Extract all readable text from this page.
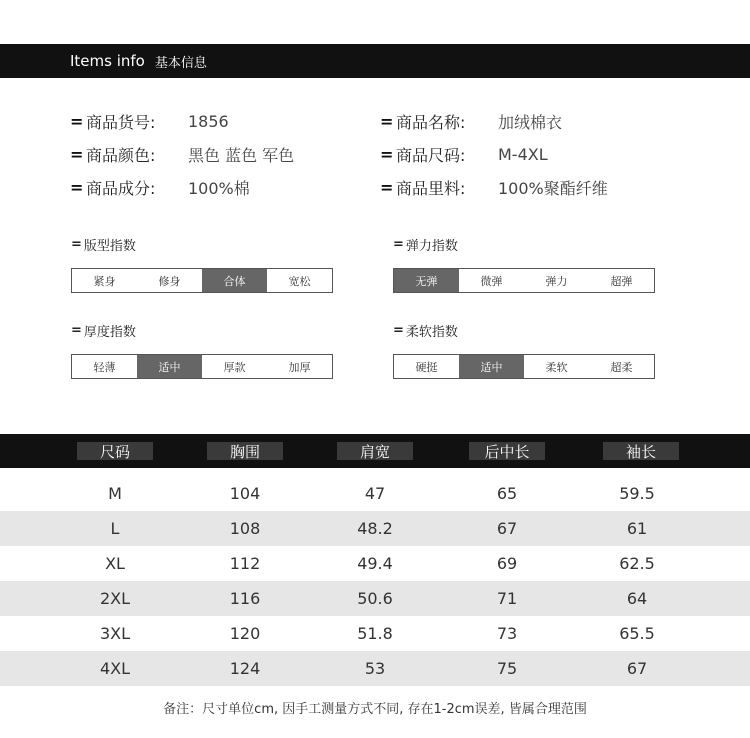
Items info 基本信息
= 商品货号:	1856	= 商品名称:	加绒棉衣
= 商品颜色:	黑色 蓝色 军色	= 商品尺码:	M-4XL
= 商品成分:	100%棉	= 商品里料:	100%聚酯纤维
= 版型指数
紧身	修身	合体	宽松
= 弹力指数
无弹	微弹	弹力	超弹
= 厚度指数
轻薄	适中	厚款	加厚
= 柔软指数
硬挺	适中	柔软	超柔
尺码	胸围	肩宽	后中长	袖长
M	104	47	65	59.5
L	108	48.2	67	61
XL	112	49.4	69	62.5
2XL	116	50.6	71	64
3XL	120	51.8	73	65.5
4XL	124	53	75	67
备注：尺寸单位cm, 因手工测量方式不同, 存在1-2cm误差, 皆属合理范围
